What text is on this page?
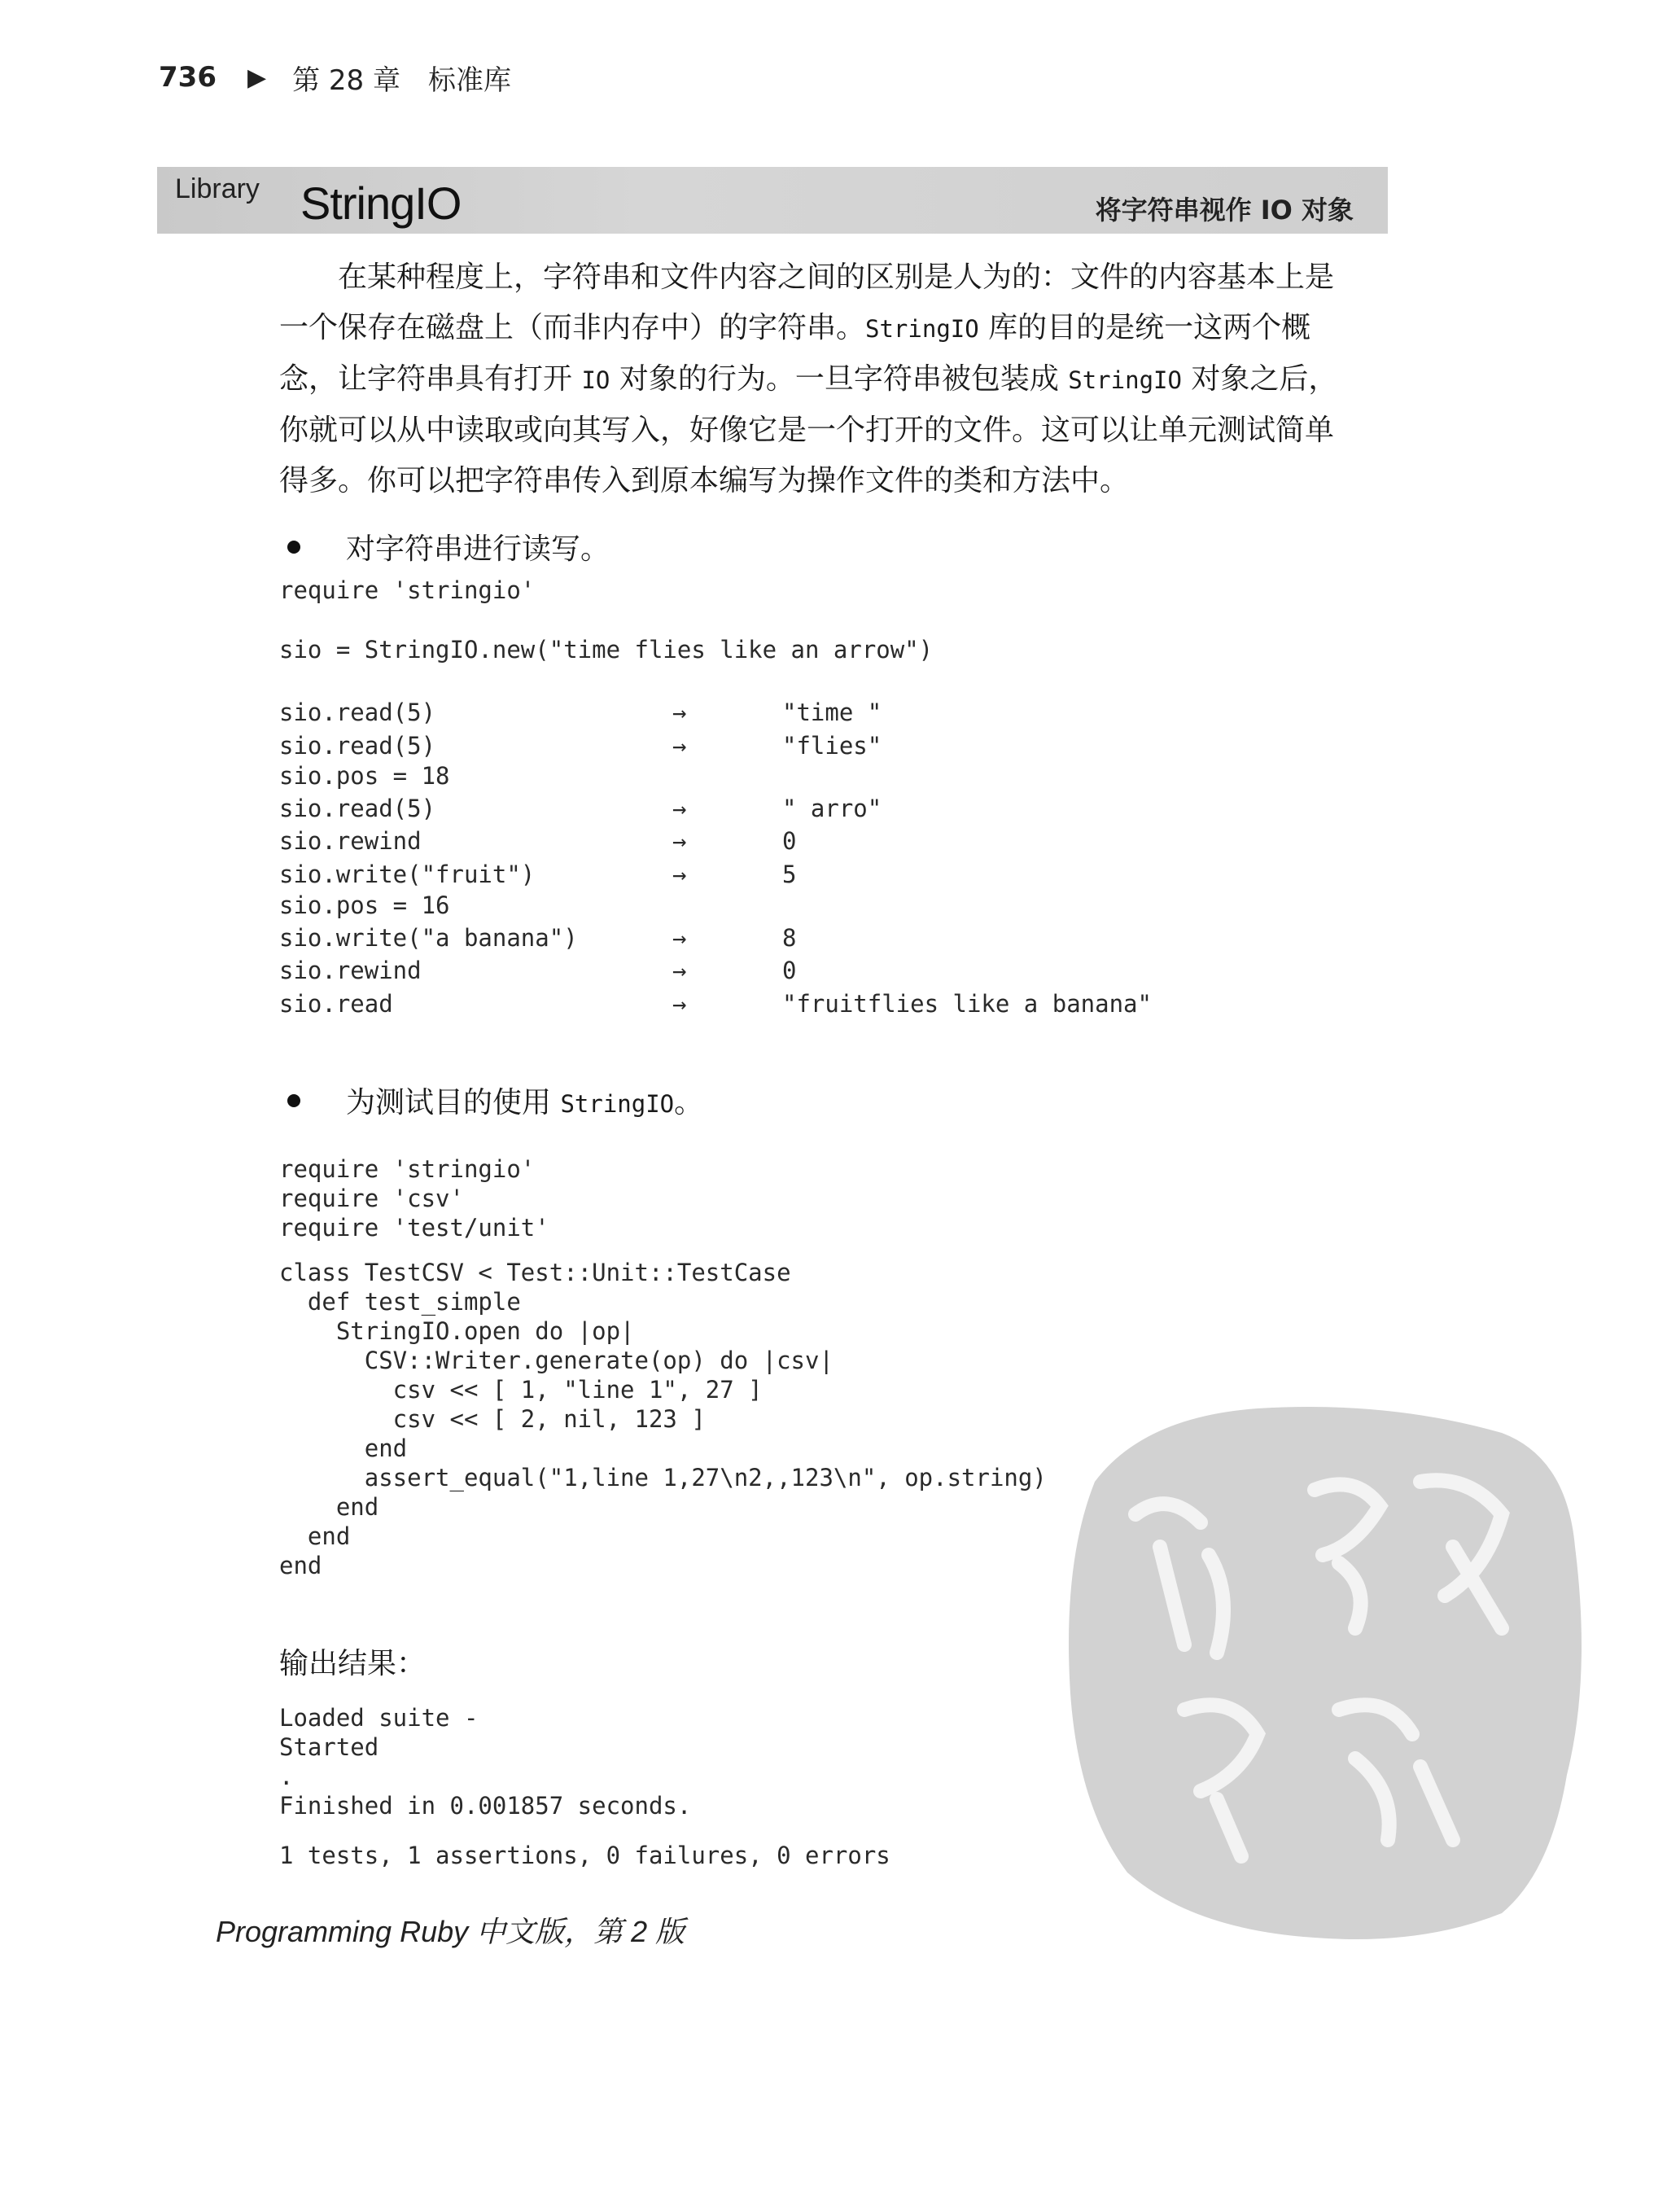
736 ▶ 第 28 章 标准库
Library StringIO	将字符串视作 IO 对象
在某种程度上，字符串和文件内容之间的区别是人为的：文件的内容基本上是
一个保存在磁盘上（而非内存中）的字符串。StringIO 库的目的是统一这两个概
念，让字符串具有打开 IO 对象的行为。一旦字符串被包装成 StringIO 对象之后，
你就可以从中读取或向其写入，好像它是一个打开的文件。这可以让单元测试简单
得多。你可以把字符串传入到原本编写为操作文件的类和方法中。
对字符串进行读写。
require 'stringio'
sio = StringIO.new("time flies like an arrow")
sio.read(5)	→	"time "
sio.read(5)	→	"flies"
sio.pos = 18
sio.read(5)	→	" arro"
sio.rewind	→	0
sio.write("fruit")	→	5
sio.pos = 16
sio.write("a banana")	→	8
sio.rewind	→	0
sio.read	→	"fruitflies like a banana"
为测试目的使用 StringIO。
require 'stringio'
require 'csv'
require 'test/unit'
class TestCSV < Test::Unit::TestCase
def test_simple
StringIO.open do |op|
CSV::Writer.generate(op) do |csv|
csv << [ 1, "line 1", 27 ]
csv << [ 2, nil, 123 ]
end
assert_equal("1,line 1,27\n2,,123\n", op.string)
end
end
end
输出结果：
Loaded suite -
Started
.
Finished in 0.001857 seconds.
1 tests, 1 assertions, 0 failures, 0 errors
Programming Ruby 中文版，第 2 版
